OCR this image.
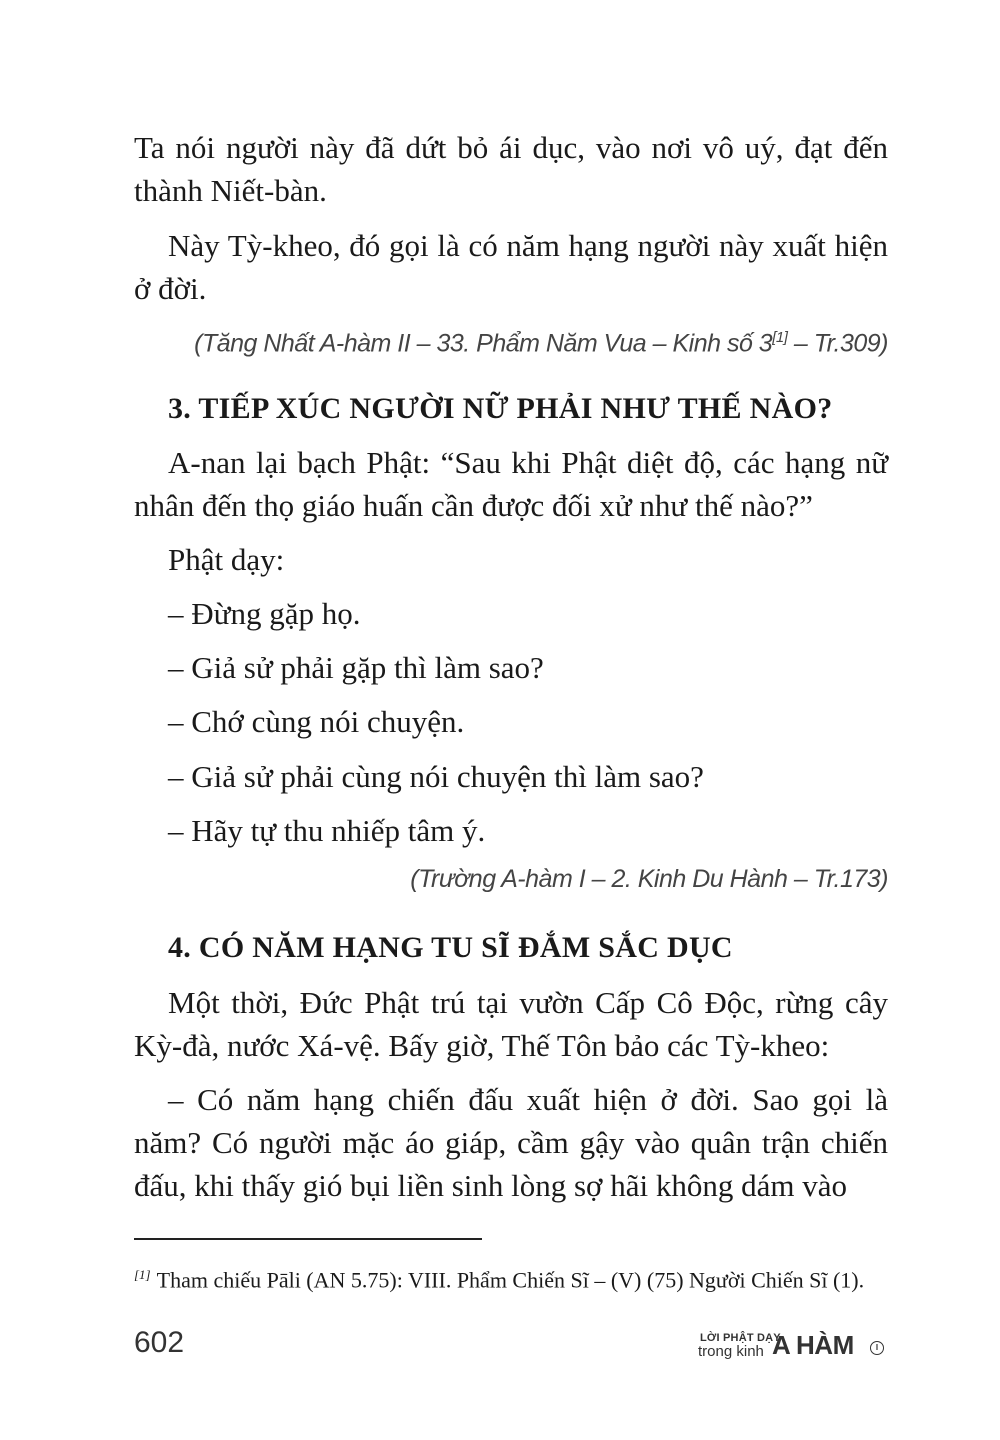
Ta nói người này đã dứt bỏ ái dục, vào nơi vô uý, đạt đến thành Niết-bàn.

Này Tỳ-kheo, đó gọi là có năm hạng người này xuất hiện ở đời.

(Tăng Nhất A-hàm II – 33. Phẩm Năm Vua – Kinh số 3[1] – Tr.309)
3. TIẾP XÚC NGƯỜI NỮ PHẢI NHƯ THẾ NÀO?

A-nan lại bạch Phật: “Sau khi Phật diệt độ, các hạng nữ nhân đến thọ giáo huấn cần được đối xử như thế nào?”

Phật dạy:

– Đừng gặp họ.

– Giả sử phải gặp thì làm sao?

– Chớ cùng nói chuyện.

– Giả sử phải cùng nói chuyện thì làm sao?

– Hãy tự thu nhiếp tâm ý.

(Trường A-hàm I – 2. Kinh Du Hành – Tr.173)
4. CÓ NĂM HẠNG TU SĨ ĐẮM SẮC DỤC

Một thời, Đức Phật trú tại vườn Cấp Cô Độc, rừng cây Kỳ-đà, nước Xá-vệ. Bấy giờ, Thế Tôn bảo các Tỳ-kheo:

– Có năm hạng chiến đấu xuất hiện ở đời. Sao gọi là năm? Có người mặc áo giáp, cầm gậy vào quân trận chiến đấu, khi thấy gió bụi liền sinh lòng sợ hãi không dám vào

[1] Tham chiếu Pāli (AN 5.75): VIII. Phẩm Chiến Sĩ – (V) (75) Người Chiến Sĩ (1).
602	LỜI PHẬT DẠY
trong kinh A HÀM	I
